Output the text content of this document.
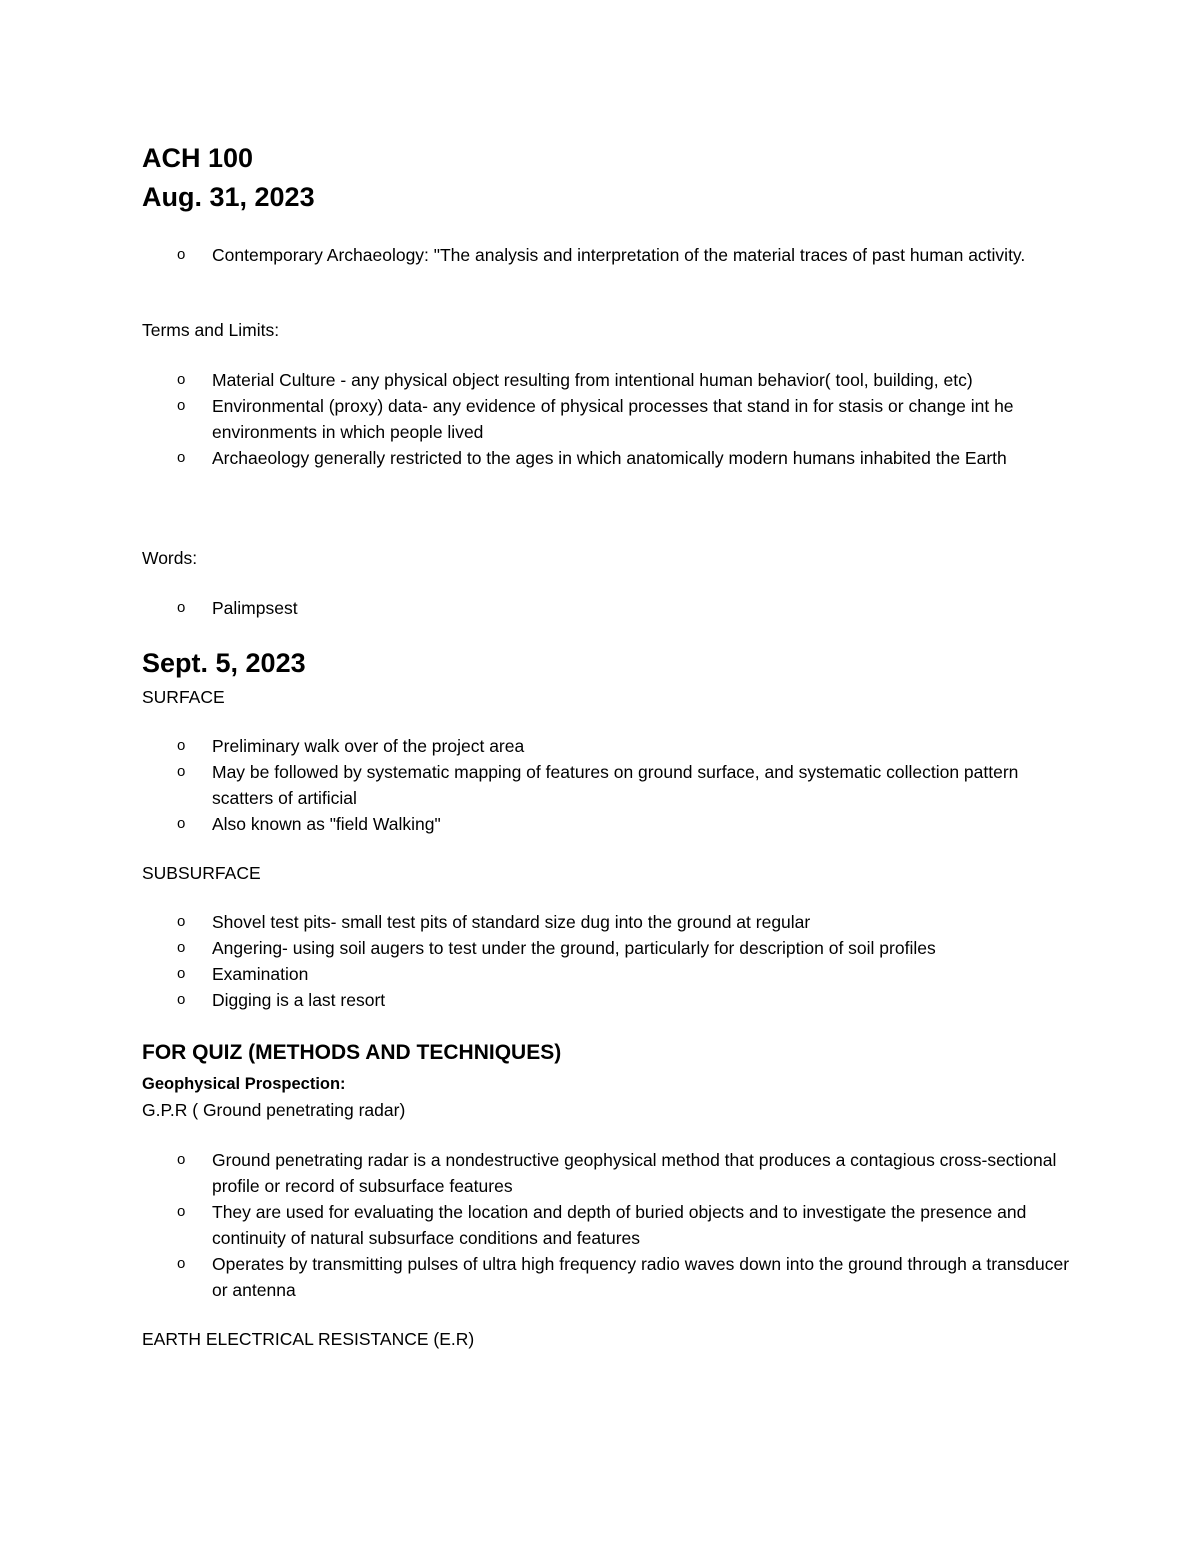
ACH 100
Aug. 31, 2023
o Contemporary Archaeology: "The analysis and interpretation of the material traces of past human activity.
Terms and Limits:
o Material Culture - any physical object resulting from intentional human behavior( tool, building, etc)
o Environmental (proxy) data- any evidence of physical processes that stand in for stasis or change int he environments in which people lived
o Archaeology generally restricted to the ages in which anatomically modern humans inhabited the Earth
Words:
o Palimpsest
Sept. 5, 2023
SURFACE
o Preliminary walk over of the project area
o May be followed by systematic mapping of features on ground surface, and systematic collection pattern scatters of artificial
o Also known as "field Walking"
SUBSURFACE
o Shovel test pits- small test pits of standard size dug into the ground at regular
o Angering- using soil augers to test under the ground, particularly for description of soil profiles
o Examination
o Digging is a last resort
FOR QUIZ (METHODS AND TECHNIQUES)
Geophysical Prospection:
G.P.R ( Ground penetrating radar)
o Ground penetrating radar is a nondestructive geophysical method that produces a contagious cross-sectional profile or record of subsurface features
o They are used for evaluating the location and depth of buried objects and to investigate the presence and continuity of natural subsurface conditions and features
o Operates by transmitting pulses of ultra high frequency radio waves down into the ground through a transducer or antenna
EARTH ELECTRICAL RESISTANCE (E.R)
